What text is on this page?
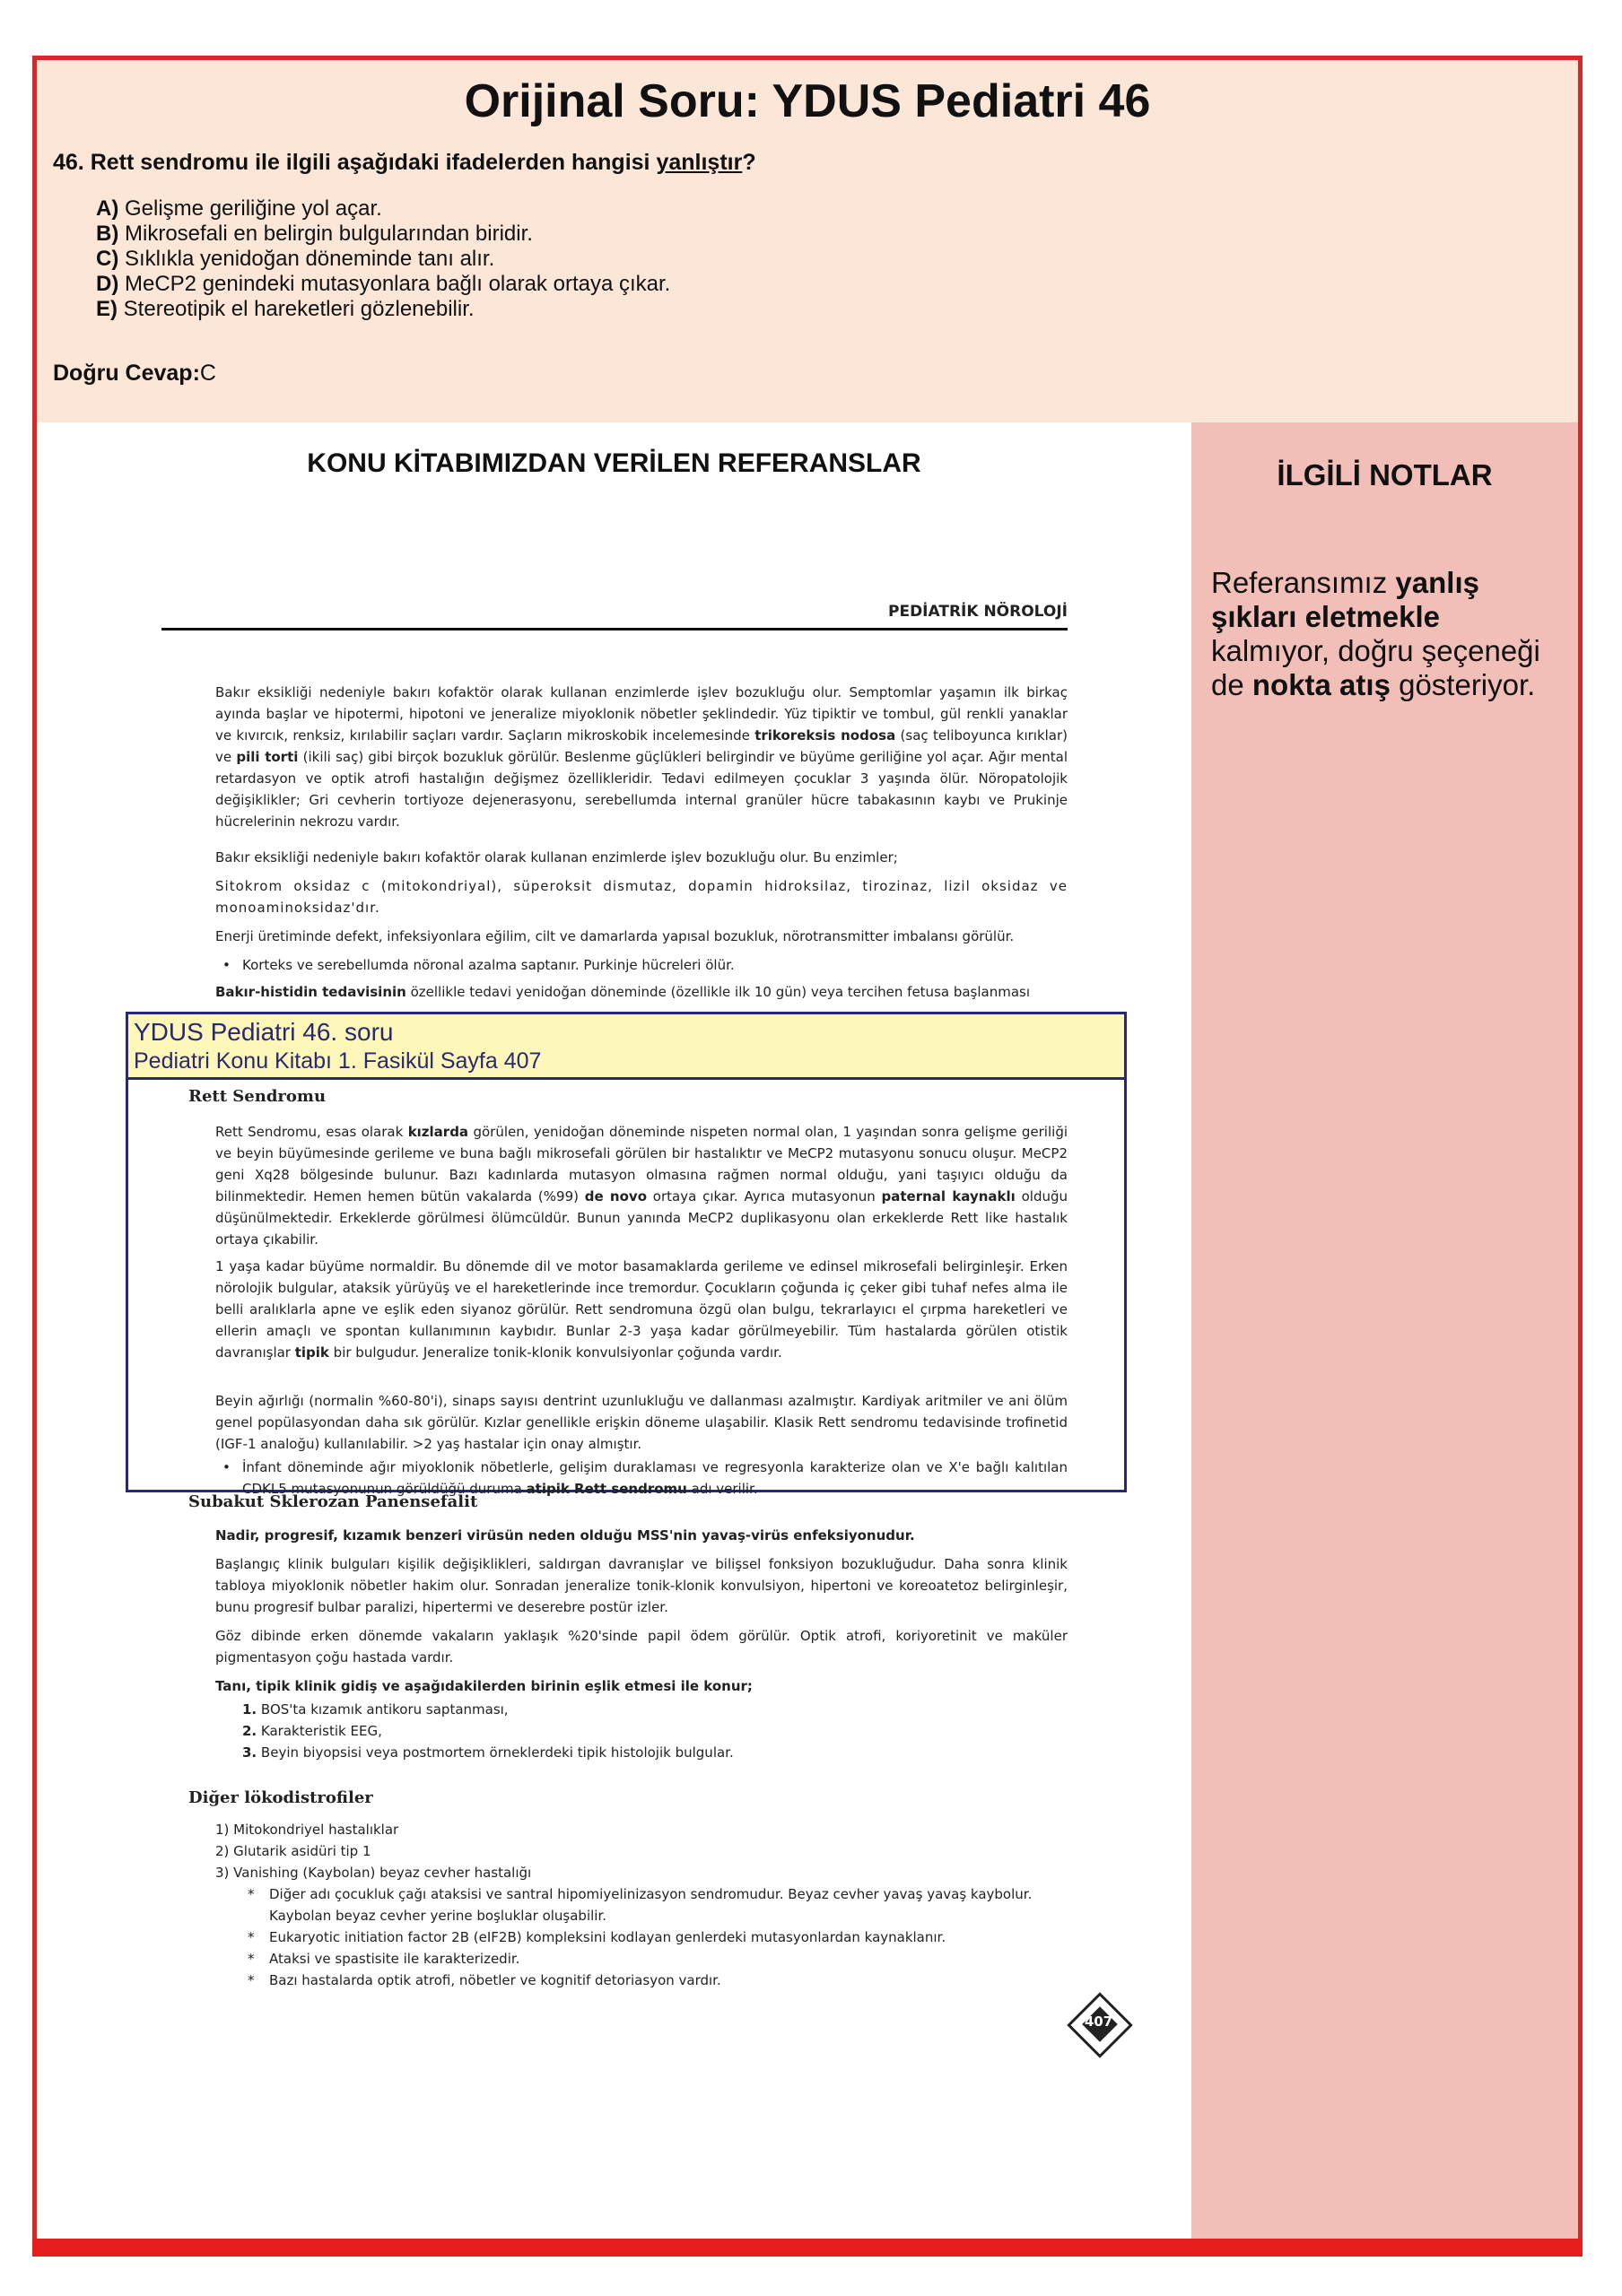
Orijinal Soru: YDUS Pediatri 46
46. Rett sendromu ile ilgili aşağıdaki ifadelerden hangisi yanlıştır?
A) Gelişme geriliğine yol açar.
B) Mikrosefali en belirgin bulgularından biridir.
C) Sıklıkla yenidoğan döneminde tanı alır.
D) MeCP2 genindeki mutasyonlara bağlı olarak ortaya çıkar.
E) Stereotipik el hareketleri gözlenebilir.
Doğru Cevap:C
İLGİLİ NOTLAR
Referansımız yanlış şıkları eletmekle kalmıyor, doğru şeçeneği de nokta atış gösteriyor.
KONU KİTABIMIZDAN VERİLEN REFERANSLAR
PEDİATRİK NÖROLOJİ

Bakır eksikliği nedeniyle bakırı kofaktör olarak kullanan enzimlerde işlev bozukluğu olur. Semptomlar yaşamın ilk birkaç ayında başlar ve hipotermi, hipotoni ve jeneralize miyoklonik nöbetler şeklindedir. Yüz tipiktir ve tombul, gül renkli yanaklar ve kıvırcık, renksiz, kırılabilir saçları vardır. Saçların mikroskobik incelemesinde trikoreksis nodosa (saç teliboyunca kırıklar) ve pili torti (ikili saç) gibi birçok bozukluk görülür. Beslenme güçlükleri belirgindir ve büyüme geriliğine yol açar. Ağır mental retardasyon ve optik atrofi hastalığın değişmez özellikleridir. Tedavi edilmeyen çocuklar 3 yaşında ölür. Nöropatolojik değişiklikler; Gri cevherin tortiyoze dejenerasyonu, serebellumda internal granüler hücre tabakasının kaybı ve Prukinje hücrelerinin nekrozu vardır.

Bakır eksikliği nedeniyle bakırı kofaktör olarak kullanan enzimlerde işlev bozukluğu olur. Bu enzimler;

Sitokrom oksidaz c (mitokondriyal), süperoksit dismutaz, dopamin hidroksilaz, tirozinaz, lizil oksidaz ve monoaminoksidaz'dır.

Enerji üretiminde defekt, infeksiyonlara eğilim, cilt ve damarlarda yapısal bozukluk, nörotransmitter imbalansı görülür.

• Korteks ve serebellumda nöronal azalma saptanır. Purkinje hücreleri ölür.

Bakır-histidin tedavisinin özellikle tedavi yenidoğan döneminde (özellikle ilk 10 gün) veya tercihen fetusa başlanması

YDUS Pediatri 46. soru
Pediatri Konu Kitabı 1. Fasikül Sayfa 407
Rett Sendromu

Rett Sendromu, esas olarak kızlarda görülen, yenidoğan döneminde nispeten normal olan, 1 yaşından sonra gelişme geriliği ve beyin büyümesinde gerileme ve buna bağlı mikrosefali görülen bir hastalıktır ve MeCP2 mutasyonu sonucu oluşur. MeCP2 geni Xq28 bölgesinde bulunur. Bazı kadınlarda mutasyon olmasına rağmen normal olduğu, yani taşıyıcı olduğu da bilinmektedir. Hemen hemen bütün vakalarda (%99) de novo ortaya çıkar. Ayrıca mutasyonun paternal kaynaklı olduğu düşünülmektedir. Erkeklerde görülmesi ölümcüldür. Bunun yanında MeCP2 duplikasyonu olan erkeklerde Rett like hastalık ortaya çıkabilir.

1 yaşa kadar büyüme normaldir. Bu dönemde dil ve motor basamaklarda gerileme ve edinsel mikrosefali belirginleşir. Erken nörolojik bulgular, ataksik yürüyüş ve el hareketlerinde ince tremordur. Çocukların çoğunda iç çeker gibi tuhaf nefes alma ile belli aralıklarla apne ve eşlik eden siyanoz görülür. Rett sendromuna özgü olan bulgu, tekrarlayıcı el çırpma hareketleri ve ellerin amaçlı ve spontan kullanımının kaybıdır. Bunlar 2-3 yaşa kadar görülmeyebilir. Tüm hastalarda görülen otistik davranışlar tipik bir bulgudur. Jeneralize tonik-klonik konvulsiyonlar çoğunda vardır.

Beyin ağırlığı (normalin %60-80'i), sinaps sayısı dentrint uzunlukluğu ve dallanması azalmıştır. Kardiyak aritmiler ve ani ölüm genel popülasyondan daha sık görülür. Kızlar genellikle erişkin döneme ulaşabilir. Klasik Rett sendromu tedavisinde trofinetid (IGF-1 analoğu) kullanılabilir. >2 yaş hastalar için onay almıştır.

• İnfant döneminde ağır miyoklonik nöbetlerle, gelişim duraklaması ve regresyonla karakterize olan ve X'e bağlı kalıtılan CDKL5 mutasyonunun görüldüğü duruma atipik Rett sendromu adı verilir.

Subakut Sklerozan Panensefalit

Nadir, progresif, kızamık benzeri virüsün neden olduğu MSS'nin yavaş-virüs enfeksiyonudur.

Başlangıç klinik bulguları kişilik değişiklikleri, saldırgan davranışlar ve bilişsel fonksiyon bozukluğudur. Daha sonra klinik tabloya miyoklonik nöbetler hakim olur. Sonradan jeneralize tonik-klonik konvulsiyon, hipertoni ve koreoatetoz belirginleşir, bunu progresif bulbar paralizi, hipertermi ve deserebre postür izler.

Göz dibinde erken dönemde vakaların yaklaşık %20'sinde papil ödem görülür. Optik atrofi, koriyoretinit ve maküler pigmentasyon çoğu hastada vardır.

Tanı, tipik klinik gidiş ve aşağıdakilerden birinin eşlik etmesi ile konur;

1. BOS'ta kızamık antikoru saptanması,
2. Karakteristik EEG,
3. Beyin biyopsisi veya postmortem örneklerdeki tipik histolojik bulgular.
Diğer lökodistrofiler
1) Mitokondriyel hastalıklar
2) Glutarik asidüri tip 1
3) Vanishing (Kaybolan) beyaz cevher hastalığı
* Diğer adı çocukluk çağı ataksisi ve santral hipomiyelinizasyon sendromudur. Beyaz cevher yavaş yavaş kaybolur. Kaybolan beyaz cevher yerine boşluklar oluşabilir.
* Eukaryotic initiation factor 2B (eIF2B) kompleksini kodlayan genlerdeki mutasyonlardan kaynaklanır.
* Ataksi ve spastisite ile karakterizedir.
* Bazı hastalarda optik atrofi, nöbetler ve kognitif detoriasyon vardır.
407
